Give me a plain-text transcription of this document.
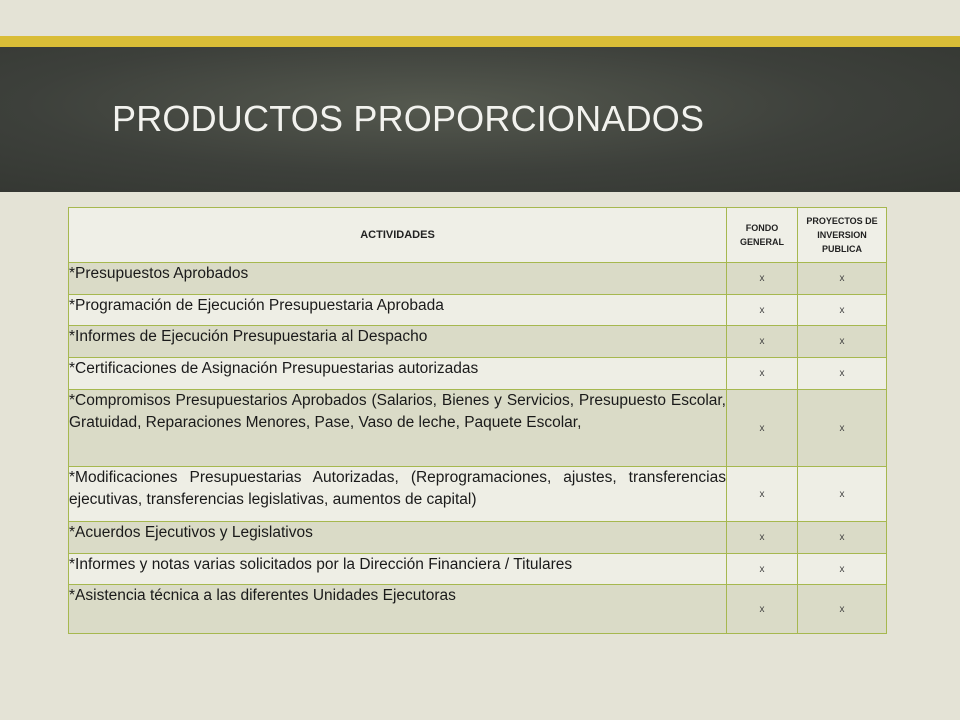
PRODUCTOS PROPORCIONADOS
ACTIVIDADES	FONDO GENERAL	PROYECTOS DE INVERSION PUBLICA
*Presupuestos Aprobados	x	x
*Programación de Ejecución Presupuestaria Aprobada	x	x
*Informes de Ejecución Presupuestaria al Despacho	x	x
*Certificaciones de Asignación Presupuestarias autorizadas	x	x
*Compromisos Presupuestarios Aprobados (Salarios, Bienes y Servicios, Presupuesto Escolar, Gratuidad, Reparaciones Menores, Pase, Vaso de leche, Paquete Escolar,	x	x
*Modificaciones Presupuestarias Autorizadas, (Reprogramaciones, ajustes, transferencias ejecutivas, transferencias legislativas, aumentos de capital)	x	x
*Acuerdos Ejecutivos y Legislativos	x	x
*Informes y notas varias solicitados por la Dirección Financiera / Titulares	x	x
*Asistencia técnica a las diferentes Unidades Ejecutoras	x	x
